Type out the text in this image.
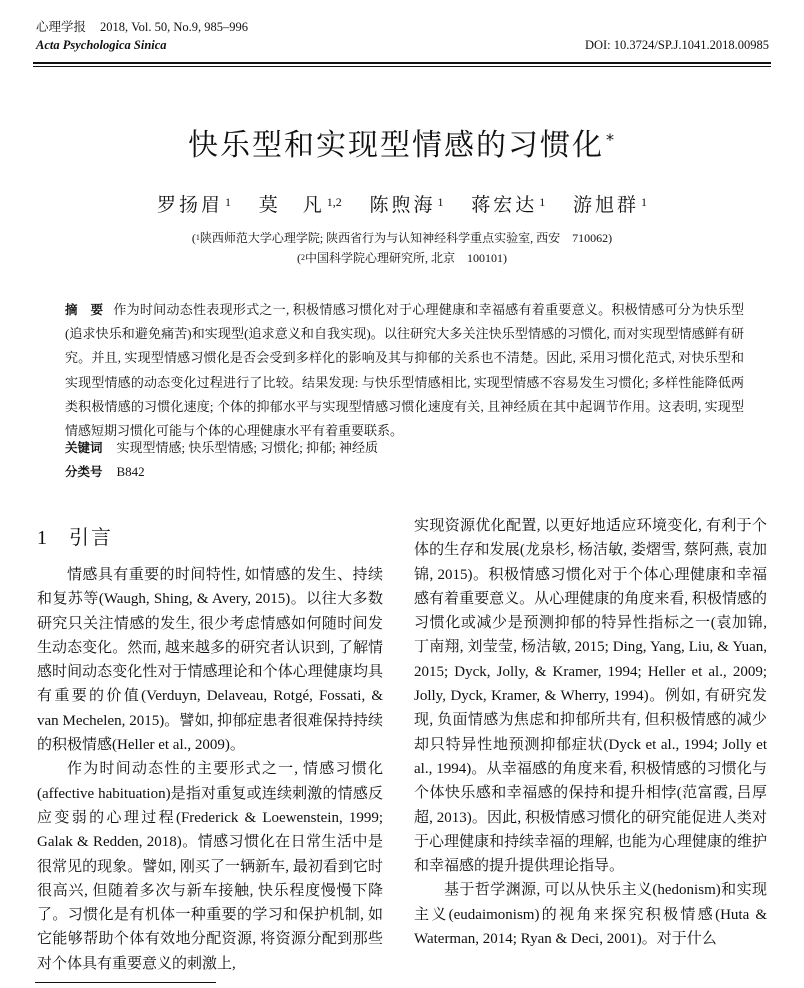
心理学报 2018, Vol. 50, No.9, 985–996
Acta Psychologica Sinica	DOI: 10.3724/SP.J.1041.2018.00985
快乐型和实现型情感的习惯化 *
罗扬眉 $^1$ 莫　凡 $^{1,2}$ 陈煦海 $^1$ 蒋宏达 $^1$ 游旭群 $^1$
($^1$陕西师范大学心理学院; 陕西省行为与认知神经科学重点实验室, 西安　710062)
($^2$中国科学院心理研究所, 北京　100101)

摘　要 作为时间动态性表现形式之一, 积极情感习惯化对于心理健康和幸福感有着重要意义。积极情感可分为快乐型(追求快乐和避免痛苦)和实现型(追求意义和自我实现)。以往研究大多关注快乐型情感的习惯化, 而对实现型情感鲜有研究。并且, 实现型情感习惯化是否会受到多样化的影响及其与抑郁的关系也不清楚。因此, 采用习惯化范式, 对快乐型和实现型情感的动态变化过程进行了比较。结果发现: 与快乐型情感相比, 实现型情感不容易发生习惯化; 多样性能降低两类积极情感的习惯化速度; 个体的抑郁水平与实现型情感习惯化速度有关, 且神经质在其中起调节作用。这表明, 实现型情感短期习惯化可能与个体的心理健康水平有着重要联系。

关键词 实现型情感; 快乐型情感; 习惯化; 抑郁; 神经质
分类号 B842
1 引言

情感具有重要的时间特性, 如情感的发生、持续和复苏等(Waugh, Shing, & Avery, 2015)。以往大多数研究只关注情感的发生, 很少考虑情感如何随时间发生动态变化。然而, 越来越多的研究者认识到, 了解情感时间动态变化性对于情感理论和个体心理健康均具有重要的价值(Verduyn, Delaveau, Rotgé, Fossati, & van Mechelen, 2015)。譬如, 抑郁症患者很难保持持续的积极情感(Heller et al., 2009)。

作为时间动态性的主要形式之一, 情感习惯化(affective habituation)是指对重复或连续刺激的情感反应变弱的心理过程(Frederick & Loewenstein, 1999; Galak & Redden, 2018)。情感习惯化在日常生活中是很常见的现象。譬如, 刚买了一辆新车, 最初看到它时很高兴, 但随着多次与新车接触, 快乐程度慢慢下降了。习惯化是有机体一种重要的学习和保护机制, 如它能够帮助个体有效地分配资源, 将资源分配到那些对个体具有重要意义的刺激上,

实现资源优化配置, 以更好地适应环境变化, 有利于个体的生存和发展(龙泉杉, 杨洁敏, 娄熠雪, 蔡阿燕, 袁加锦, 2015)。积极情感习惯化对于个体心理健康和幸福感有着重要意义。从心理健康的角度来看, 积极情感的习惯化或减少是预测抑郁的特异性指标之一(袁加锦, 丁南翔, 刘莹莹, 杨洁敏, 2015; Ding, Yang, Liu, & Yuan, 2015; Dyck, Jolly, & Kramer, 1994; Heller et al., 2009; Jolly, Dyck, Kramer, & Wherry, 1994)。例如, 有研究发现, 负面情感为焦虑和抑郁所共有, 但积极情感的减少却只特异性地预测抑郁症状(Dyck et al., 1994; Jolly et al., 1994)。从幸福感的角度来看, 积极情感的习惯化与个体快乐感和幸福感的保持和提升相悖(范富霞, 吕厚超, 2013)。因此, 积极情感习惯化的研究能促进人类对于心理健康和持续幸福的理解, 也能为心理健康的维护和幸福感的提升提供理论指导。

基于哲学渊源, 可以从快乐主义(hedonism)和实现主义(eudaimonism)的视角来探究积极情感(Huta & Waterman, 2014; Ryan & Deci, 2001)。对于什么
